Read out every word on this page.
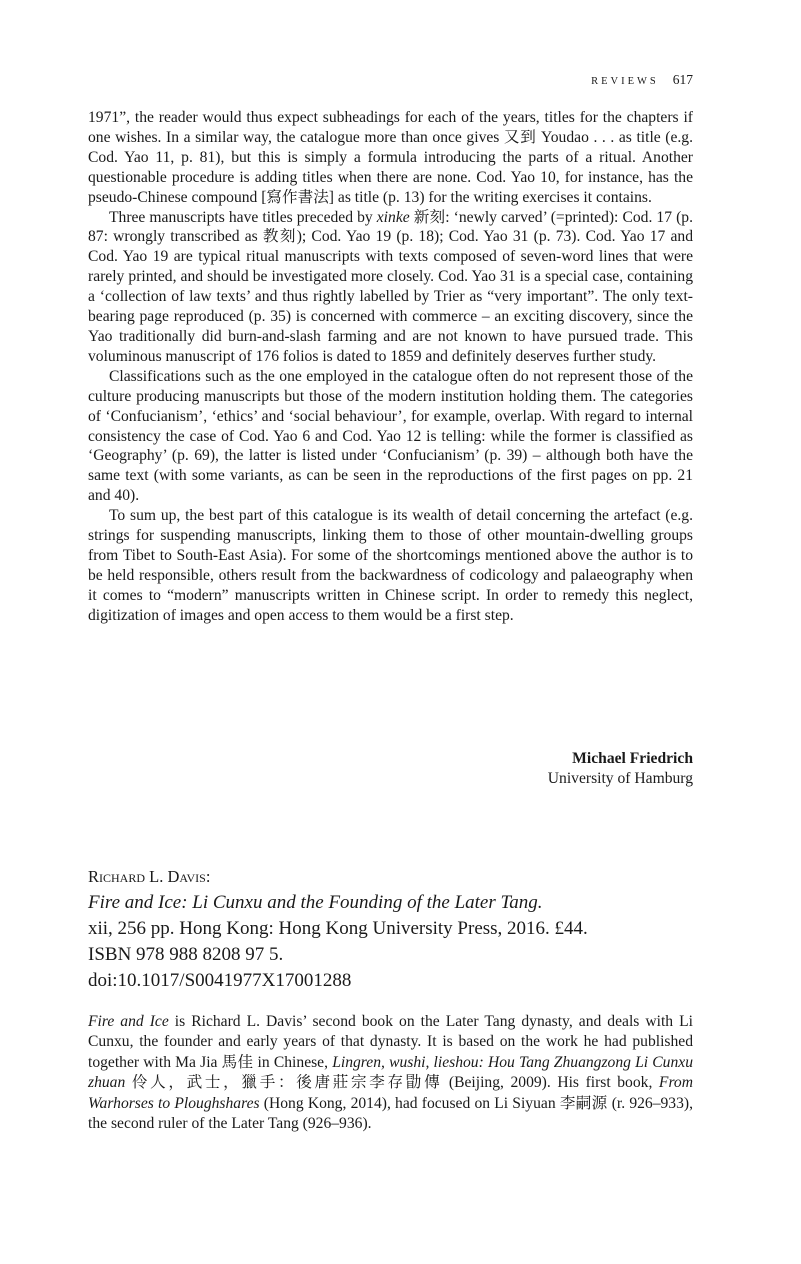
REVIEWS 617

1971”, the reader would thus expect subheadings for each of the years, titles for the chapters if one wishes. In a similar way, the catalogue more than once gives 又到 Youdao . . . as title (e.g. Cod. Yao 11, p. 81), but this is simply a formula introducing the parts of a ritual. Another questionable procedure is adding titles when there are none. Cod. Yao 10, for instance, has the pseudo-Chinese compound [寫作書法] as title (p. 13) for the writing exercises it contains.

Three manuscripts have titles preceded by xinke 新刻: ‘newly carved’ (=printed): Cod. 17 (p. 87: wrongly transcribed as 教刻); Cod. Yao 19 (p. 18); Cod. Yao 31 (p. 73). Cod. Yao 17 and Cod. Yao 19 are typical ritual manuscripts with texts composed of seven-word lines that were rarely printed, and should be investigated more closely. Cod. Yao 31 is a special case, containing a ‘collection of law texts’ and thus rightly labelled by Trier as “very important”. The only text-bearing page reproduced (p. 35) is concerned with commerce – an exciting discovery, since the Yao traditionally did burn-and-slash farming and are not known to have pursued trade. This voluminous manuscript of 176 folios is dated to 1859 and definitely deserves further study.

Classifications such as the one employed in the catalogue often do not represent those of the culture producing manuscripts but those of the modern institution holding them. The categories of ‘Confucianism’, ‘ethics’ and ‘social behaviour’, for example, overlap. With regard to internal consistency the case of Cod. Yao 6 and Cod. Yao 12 is telling: while the former is classified as ‘Geography’ (p. 69), the latter is listed under ‘Confucianism’ (p. 39) – although both have the same text (with some variants, as can be seen in the reproductions of the first pages on pp. 21 and 40).

To sum up, the best part of this catalogue is its wealth of detail concerning the artefact (e.g. strings for suspending manuscripts, linking them to those of other mountain-dwelling groups from Tibet to South-East Asia). For some of the shortcomings mentioned above the author is to be held responsible, others result from the backwardness of codicology and palaeography when it comes to “modern” manuscripts written in Chinese script. In order to remedy this neglect, digitization of images and open access to them would be a first step.

Michael Friedrich
University of Hamburg
Richard L. Davis:
Fire and Ice: Li Cunxu and the Founding of the Later Tang.
xii, 256 pp. Hong Kong: Hong Kong University Press, 2016. £44.
ISBN 978 988 8208 97 5.
doi:10.1017/S0041977X17001288

Fire and Ice is Richard L. Davis’ second book on the Later Tang dynasty, and deals with Li Cunxu, the founder and early years of that dynasty. It is based on the work he had published together with Ma Jia 馬佳 in Chinese, Lingren, wushi, lieshou: Hou Tang Zhuangzong Li Cunxu zhuan 伶人，武士，獵手：後唐莊宗李存勖傳 (Beijing, 2009). His first book, From Warhorses to Ploughshares (Hong Kong, 2014), had focused on Li Siyuan 李嗣源 (r. 926–933), the second ruler of the Later Tang (926–936).
